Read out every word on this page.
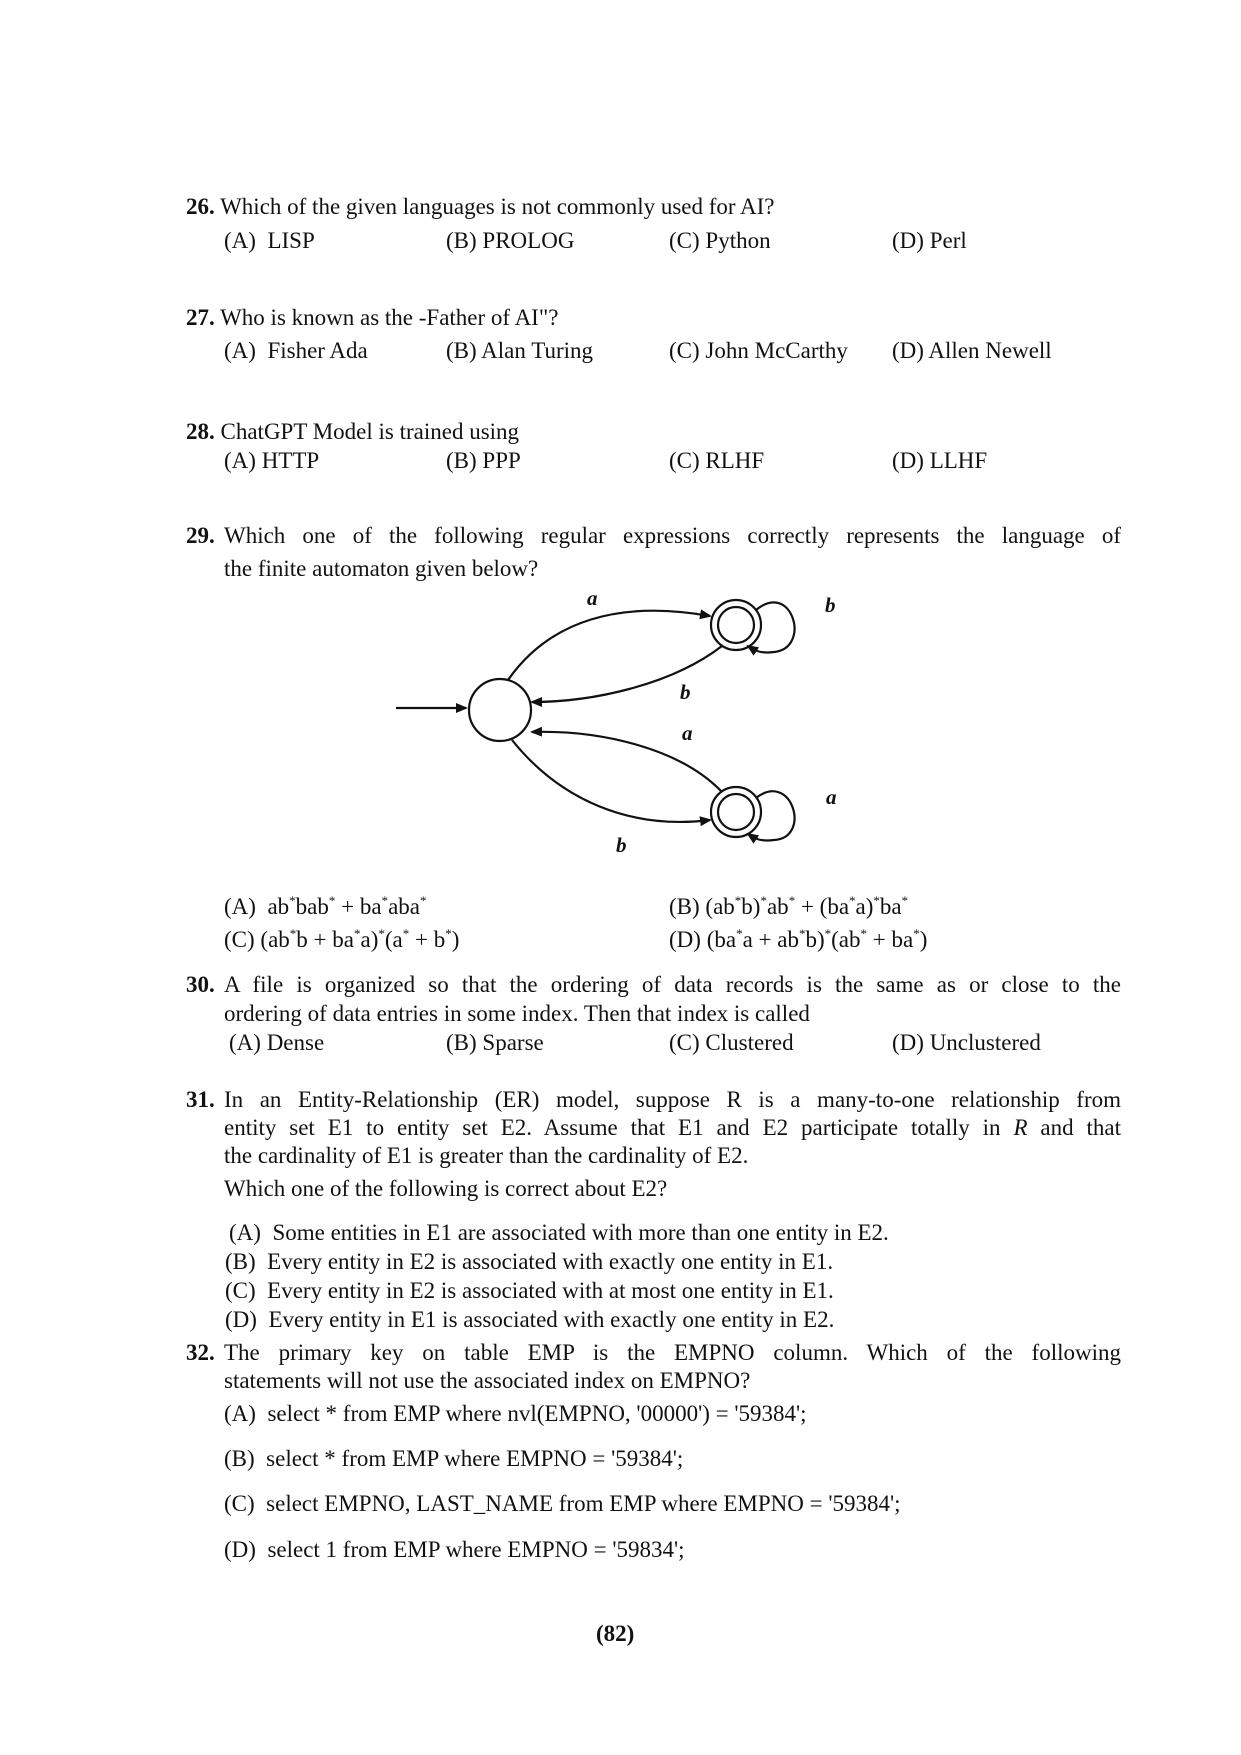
26. Which of the given languages is not commonly used for AI?
(A) LISP	(B) PROLOG	(C) Python	(D) Perl
27. Who is known as the -Father of AI"?
(A) Fisher Ada	(B) Alan Turing	(C) John McCarthy (D) Allen Newell
28. ChatGPT Model is trained using
(A) HTTP	(B) PPP	(C) RLHF	(D) LLHF
29. Which one of the following regular expressions correctly represents the language of
the finite automaton given below?
a	b
b
a
a
b
(A) ab*bab* + ba*aba*	(B) (ab*b)*ab* + (ba*a)*ba*
(C) (ab*b + ba*a)*(a* + b*)	(D) (ba*a + ab*b)*(ab* + ba*)
30. A file is organized so that the ordering of data records is the same as or close to the
ordering of data entries in some index. Then that index is called
(A) Dense	(B) Sparse	(C) Clustered	(D) Unclustered
31. In an Entity-Relationship (ER) model, suppose R is a many-to-one relationship from
entity set E1 to entity set E2. Assume that E1 and E2 participate totally in R and that
the cardinality of E1 is greater than the cardinality of E2.
Which one of the following is correct about E2?
(A) Some entities in E1 are associated with more than one entity in E2.
(B) Every entity in E2 is associated with exactly one entity in E1.
(C) Every entity in E2 is associated with at most one entity in E1.
(D) Every entity in E1 is associated with exactly one entity in E2.
32. The primary key on table EMP is the EMPNO column. Which of the following
statements will not use the associated index on EMPNO?
(A) select * from EMP where nvl(EMPNO, '00000') = '59384';
(B) select * from EMP where EMPNO = '59384';
(C) select EMPNO, LAST_NAME from EMP where EMPNO = '59384';
(D) select 1 from EMP where EMPNO = '59834';
(82)
